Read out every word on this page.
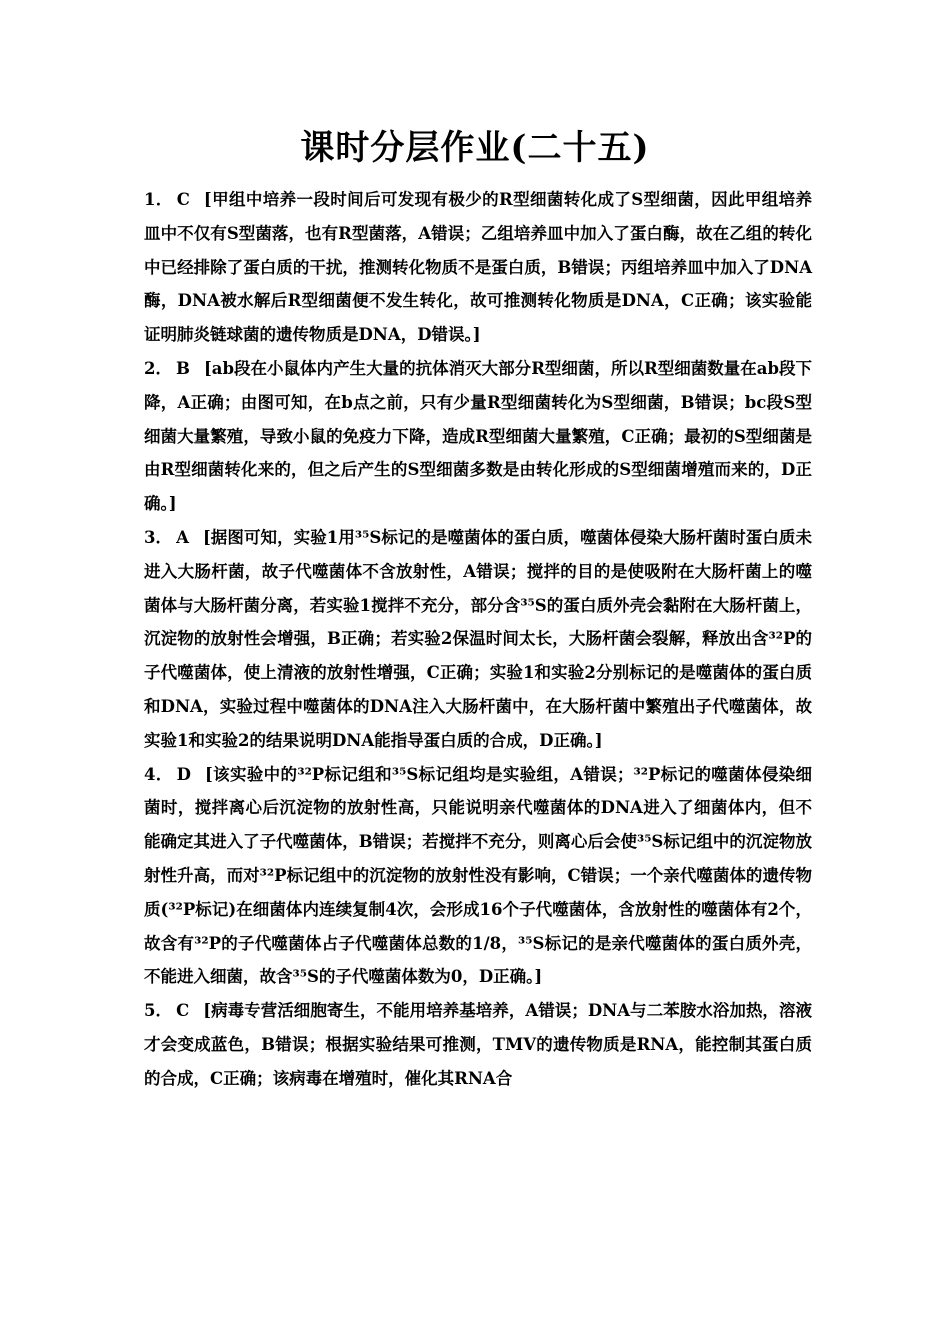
课时分层作业(二十五)

1． C [甲组中培养一段时间后可发现有极少的R型细菌转化成了S型细菌，因此甲组培养皿中不仅有S型菌落，也有R型菌落，A错误；乙组培养皿中加入了蛋白酶，故在乙组的转化中已经排除了蛋白质的干扰，推测转化物质不是蛋白质，B错误；丙组培养皿中加入了DNA酶，DNA被水解后R型细菌便不发生转化，故可推测转化物质是DNA，C正确；该实验能证明肺炎链球菌的遗传物质是DNA，D错误。]

2． B [ab段在小鼠体内产生大量的抗体消灭大部分R型细菌，所以R型细菌数量在ab段下降，A正确；由图可知，在b点之前，只有少量R型细菌转化为S型细菌，B错误；bc段S型细菌大量繁殖，导致小鼠的免疫力下降，造成R型细菌大量繁殖，C正确；最初的S型细菌是由R型细菌转化来的，但之后产生的S型细菌多数是由转化形成的S型细菌增殖而来的，D正确。]

3． A [据图可知，实验1用³⁵S标记的是噬菌体的蛋白质，噬菌体侵染大肠杆菌时蛋白质未进入大肠杆菌，故子代噬菌体不含放射性，A错误；搅拌的目的是使吸附在大肠杆菌上的噬菌体与大肠杆菌分离，若实验1搅拌不充分，部分含³⁵S的蛋白质外壳会黏附在大肠杆菌上，沉淀物的放射性会增强，B正确；若实验2保温时间太长，大肠杆菌会裂解，释放出含³²P的子代噬菌体，使上清液的放射性增强，C正确；实验1和实验2分别标记的是噬菌体的蛋白质和DNA，实验过程中噬菌体的DNA注入大肠杆菌中，在大肠杆菌中繁殖出子代噬菌体，故实验1和实验2的结果说明DNA能指导蛋白质的合成，D正确。]

4． D [该实验中的³²P标记组和³⁵S标记组均是实验组，A错误；³²P标记的噬菌体侵染细菌时，搅拌离心后沉淀物的放射性高，只能说明亲代噬菌体的DNA进入了细菌体内，但不能确定其进入了子代噬菌体，B错误；若搅拌不充分，则离心后会使³⁵S标记组中的沉淀物放射性升高，而对³²P标记组中的沉淀物的放射性没有影响，C错误；一个亲代噬菌体的遗传物质(³²P标记)在细菌体内连续复制4次，会形成16个子代噬菌体，含放射性的噬菌体有2个，故含有³²P的子代噬菌体占子代噬菌体总数的1/8，³⁵S标记的是亲代噬菌体的蛋白质外壳，不能进入细菌，故含³⁵S的子代噬菌体数为0，D正确。]

5． C [病毒专营活细胞寄生，不能用培养基培养，A错误；DNA与二苯胺水浴加热，溶液才会变成蓝色，B错误；根据实验结果可推测，TMV的遗传物质是RNA，能控制其蛋白质的合成，C正确；该病毒在增殖时，催化其RNA合
